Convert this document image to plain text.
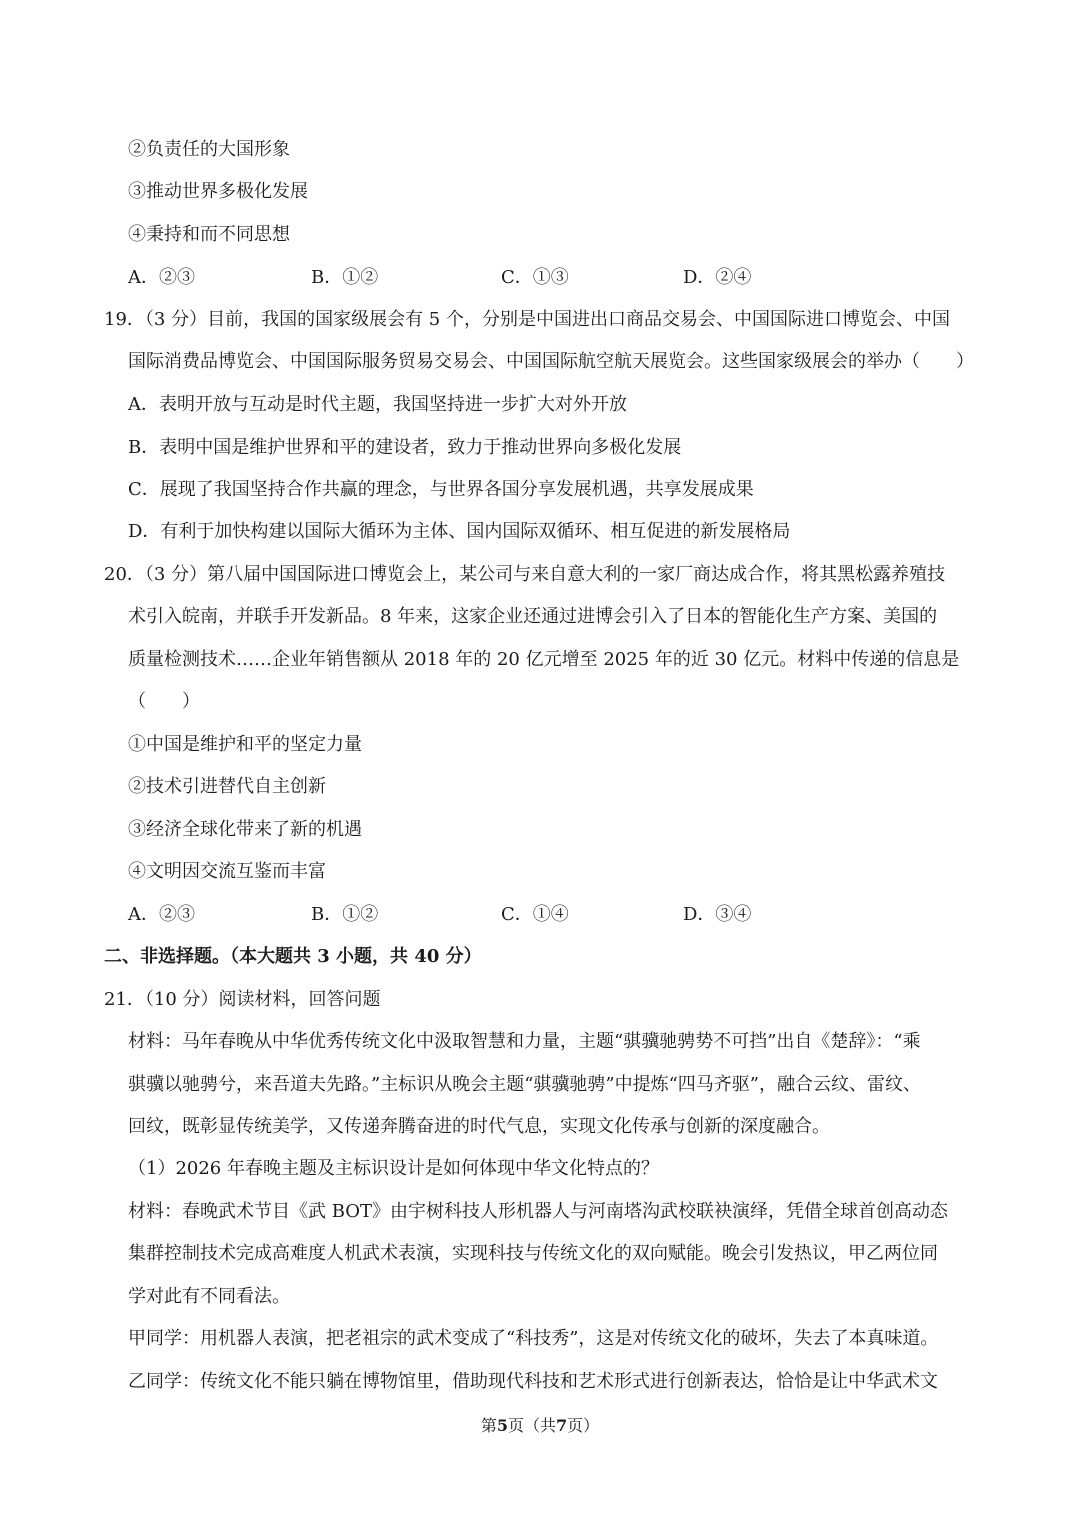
②负责任的大国形象
③推动世界多极化发展
④秉持和而不同思想
A．②③	B．①②	C．①③	D．②④
19．（3 分）目前，我国的国家级展会有 5 个，分别是中国进出口商品交易会、中国国际进口博览会、中国
国际消费品博览会、中国国际服务贸易交易会、中国国际航空航天展览会。这些国家级展会的举办（　　）
A．表明开放与互动是时代主题，我国坚持进一步扩大对外开放
B．表明中国是维护世界和平的建设者，致力于推动世界向多极化发展
C．展现了我国坚持合作共赢的理念，与世界各国分享发展机遇，共享发展成果
D．有利于加快构建以国际大循环为主体、国内国际双循环、相互促进的新发展格局
20．（3 分）第八届中国国际进口博览会上，某公司与来自意大利的一家厂商达成合作，将其黑松露养殖技
术引入皖南，并联手开发新品。8 年来，这家企业还通过进博会引入了日本的智能化生产方案、美国的
质量检测技术……企业年销售额从 2018 年的 20 亿元增至 2025 年的近 30 亿元。材料中传递的信息是
（　　）
①中国是维护和平的坚定力量
②技术引进替代自主创新
③经济全球化带来了新的机遇
④文明因交流互鉴而丰富
A．②③	B．①②	C．①④	D．③④
二、非选择题。（本大题共 3 小题，共 40 分）
21．（10 分）阅读材料，回答问题
材料：马年春晚从中华优秀传统文化中汲取智慧和力量，主题“骐骥驰骋势不可挡”出自《楚辞》：“乘
骐骥以驰骋兮，来吾道夫先路。”主标识从晚会主题“骐骥驰骋”中提炼“四马齐驱”，融合云纹、雷纹、
回纹，既彰显传统美学，又传递奔腾奋进的时代气息，实现文化传承与创新的深度融合。
（1）2026 年春晚主题及主标识设计是如何体现中华文化特点的？
材料：春晚武术节目《武 BOT》由宇树科技人形机器人与河南塔沟武校联袂演绎，凭借全球首创高动态
集群控制技术完成高难度人机武术表演，实现科技与传统文化的双向赋能。晚会引发热议，甲乙两位同
学对此有不同看法。
甲同学：用机器人表演，把老祖宗的武术变成了“科技秀”，这是对传统文化的破坏，失去了本真味道。
乙同学：传统文化不能只躺在博物馆里，借助现代科技和艺术形式进行创新表达，恰恰是让中华武术文
第5页（共7页）
